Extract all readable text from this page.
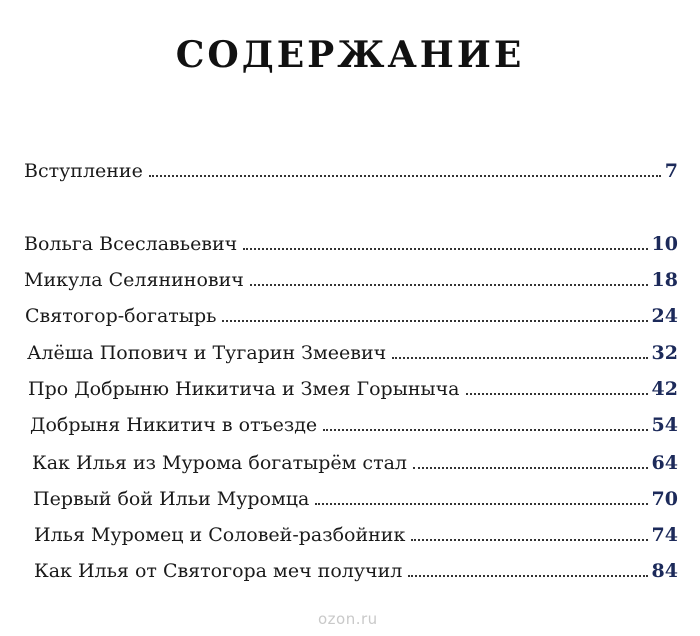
СОДЕРЖАНИЕ
Вступление	7
Вольга Всеславьевич	10
Микула Селянинович	18
Святогор-богатырь	24
Алёша Попович и Тугарин Змеевич	32
Про Добрыню Никитича и Змея Горыныча	42
Добрыня Никитич в отъезде	54
Как Илья из Мурома богатырём стал	64
Первый бой Ильи Муромца	70
Илья Муромец и Соловей-разбойник	74
Как Илья от Святогора меч получил	84
ozon.ru
